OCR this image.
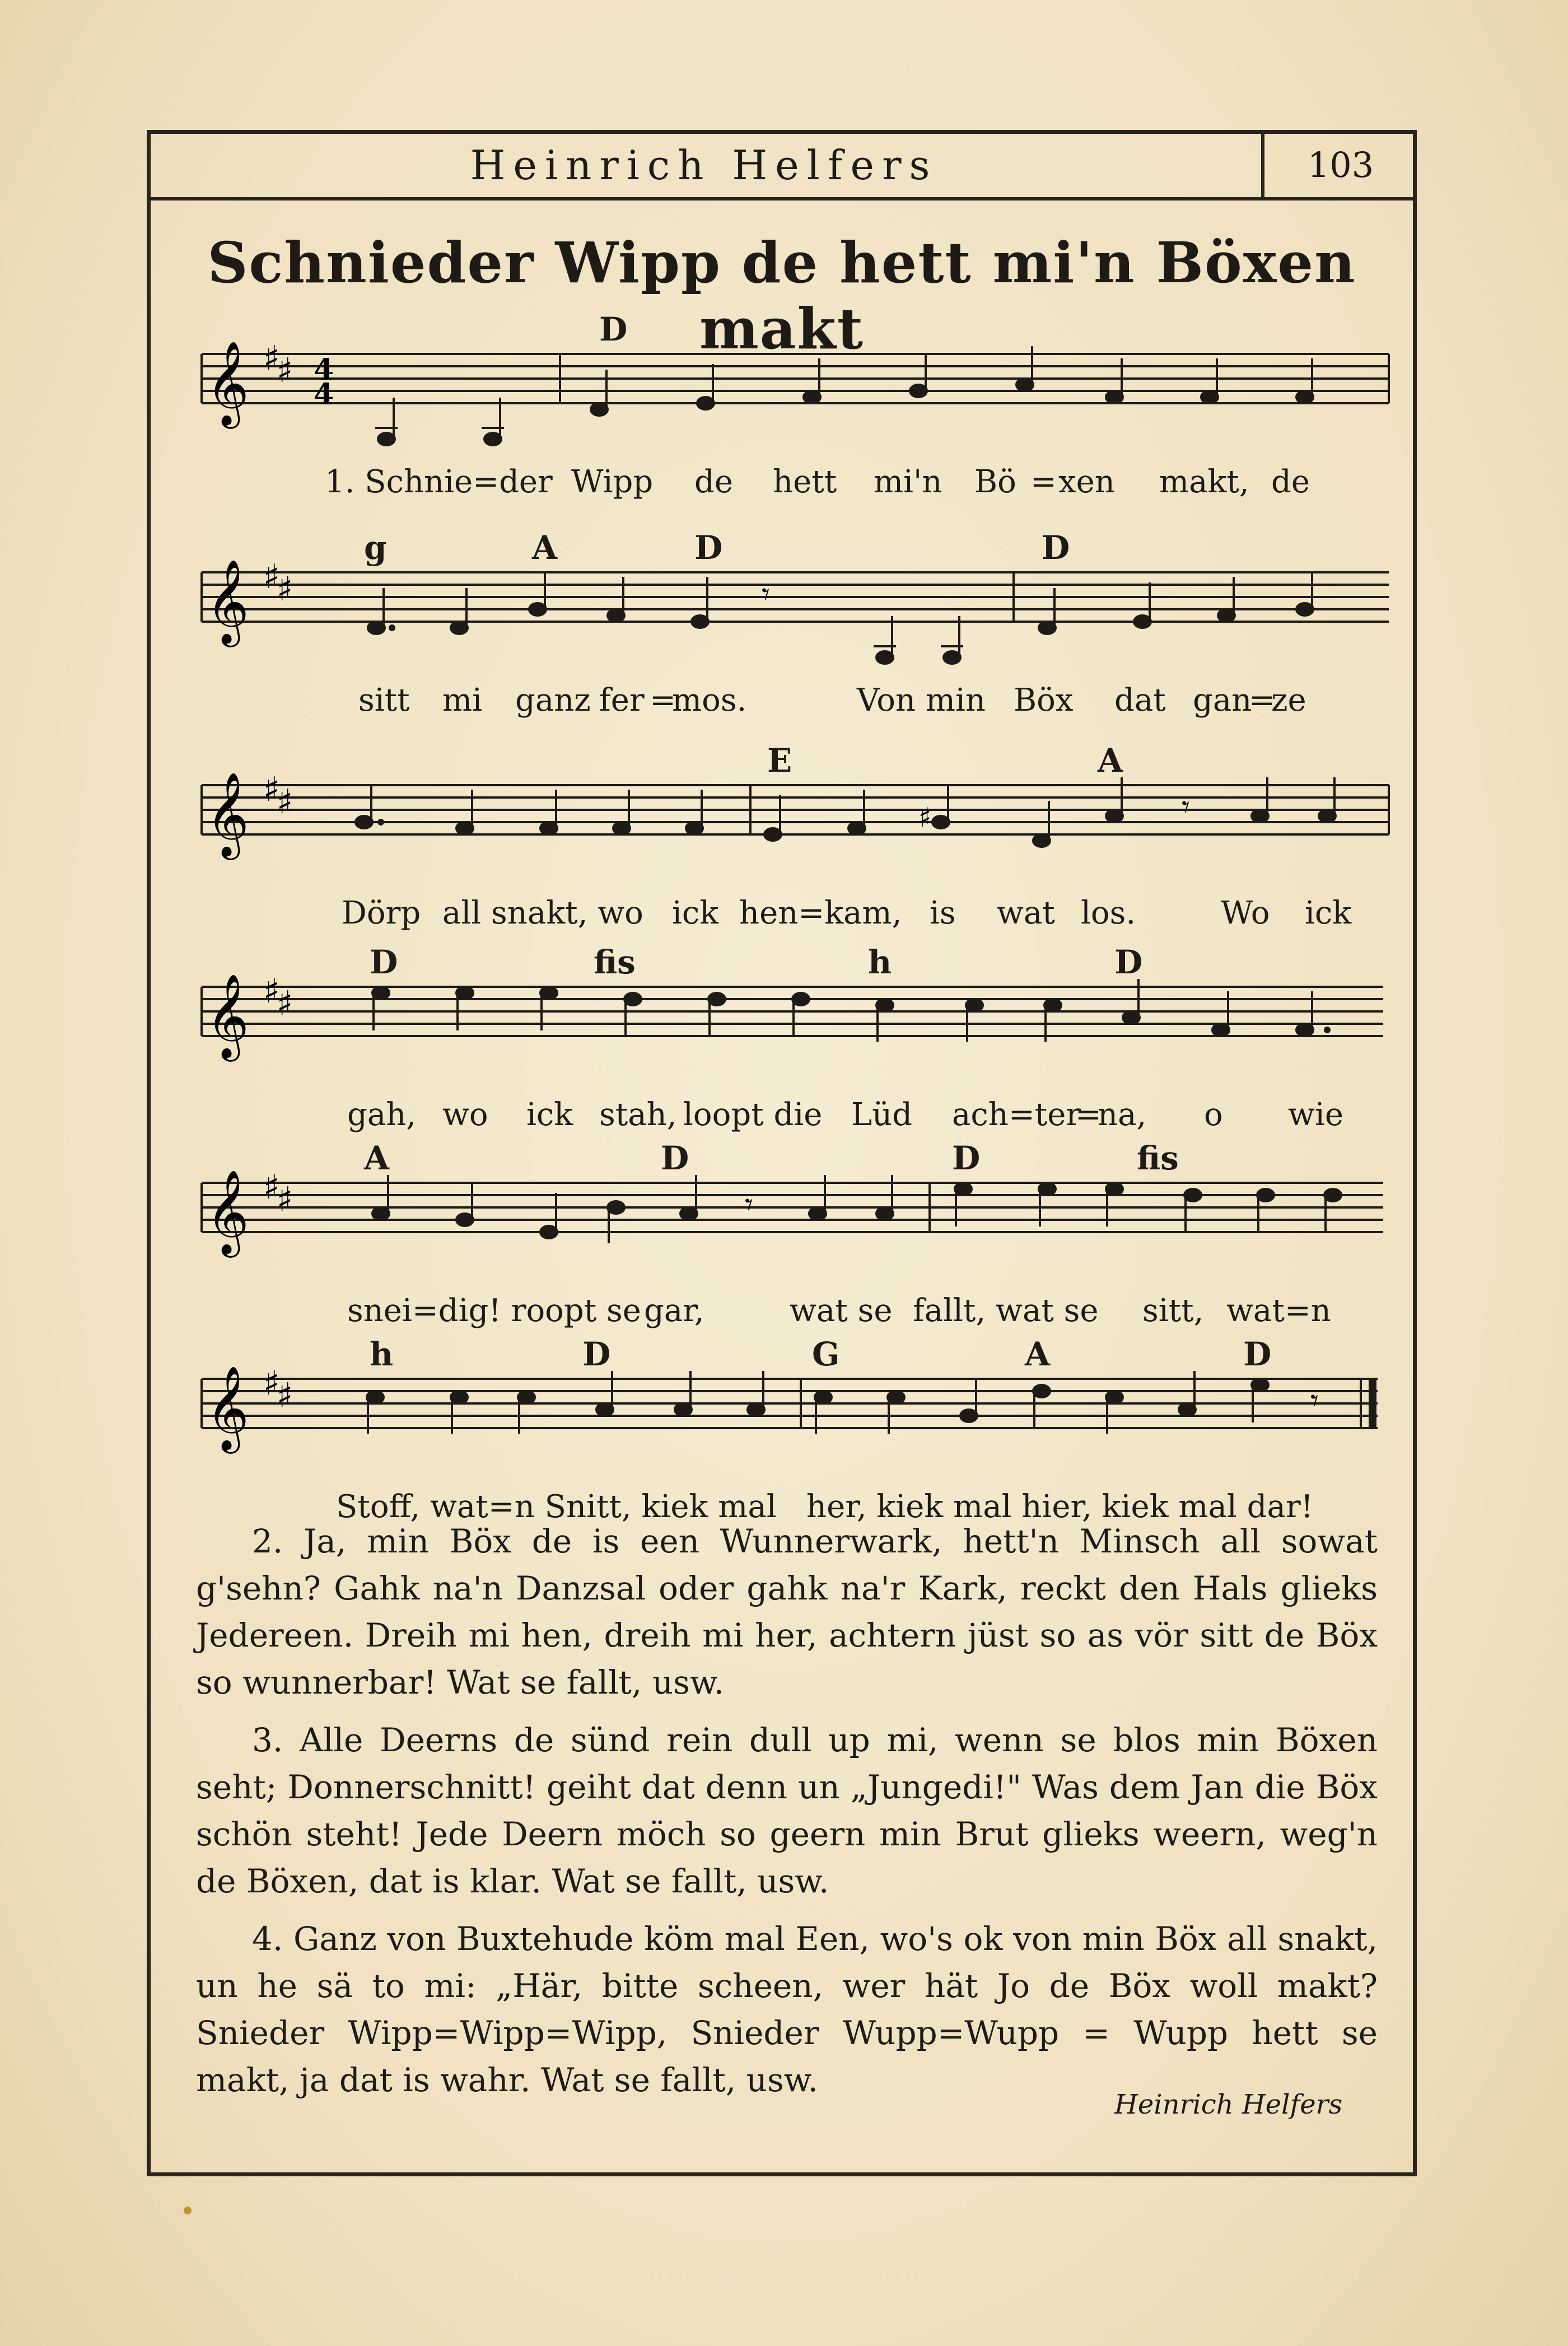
Heinrich Helfers	103
Schnieder Wipp de hett mi'n Böxen makt
𝄞 ♯
♯ 4
4
D
1. Schnie=der Wipp de hett mi'n Bö = xen makt, de
𝄞 ♯
♯	𝄾
g	A	D	D
sitt mi ganz fer =
mos.	Von min Böx dat gan
=
ze
𝄞 ♯
♯	♯	𝄾
E	A
Dörp all snakt, wo ick hen=kam, is wat los.	Wo ick
𝄞 ♯
♯
D	fis	h	D
gah, wo ick stah, loopt die Lüd ach=ter
=
na, o wie
𝄞 ♯
♯	𝄾
A	D	D	fis
snei=dig! roopt se gar,	wat se fallt, wat se sitt, wat=n
𝄞 ♯
♯	𝄾
h	D	G	A	D
Stoff, wat=n Snitt, kiek mal her, kiek mal hier, kiek mal dar!
2. Ja, min Böx de is een Wunnerwark, hett'n Minsch all sowat g'sehn? Gahk na'n Danzsal oder gahk na'r Kark, reckt den Hals glieks Jedereen. Dreih mi hen, dreih mi her, achtern jüst so as vör sitt de Böx so wunnerbar! Wat se fallt, usw.
3. Alle Deerns de sünd rein dull up mi, wenn se blos min Böxen seht; Donnerschnitt! geiht dat denn un „Jungedi!" Was dem Jan die Böx schön steht! Jede Deern möch so geern min Brut glieks weern, weg'n de Böxen, dat is klar. Wat se fallt, usw.
4. Ganz von Buxtehude köm mal Een, wo's ok von min Böx all snakt, un he sä to mi: „Här, bitte scheen, wer hät Jo de Böx woll makt? Snieder Wipp=Wipp=Wipp, Snieder Wupp=Wupp = Wupp hett se makt, ja dat is wahr. Wat se fallt, usw.
Heinrich Helfers
